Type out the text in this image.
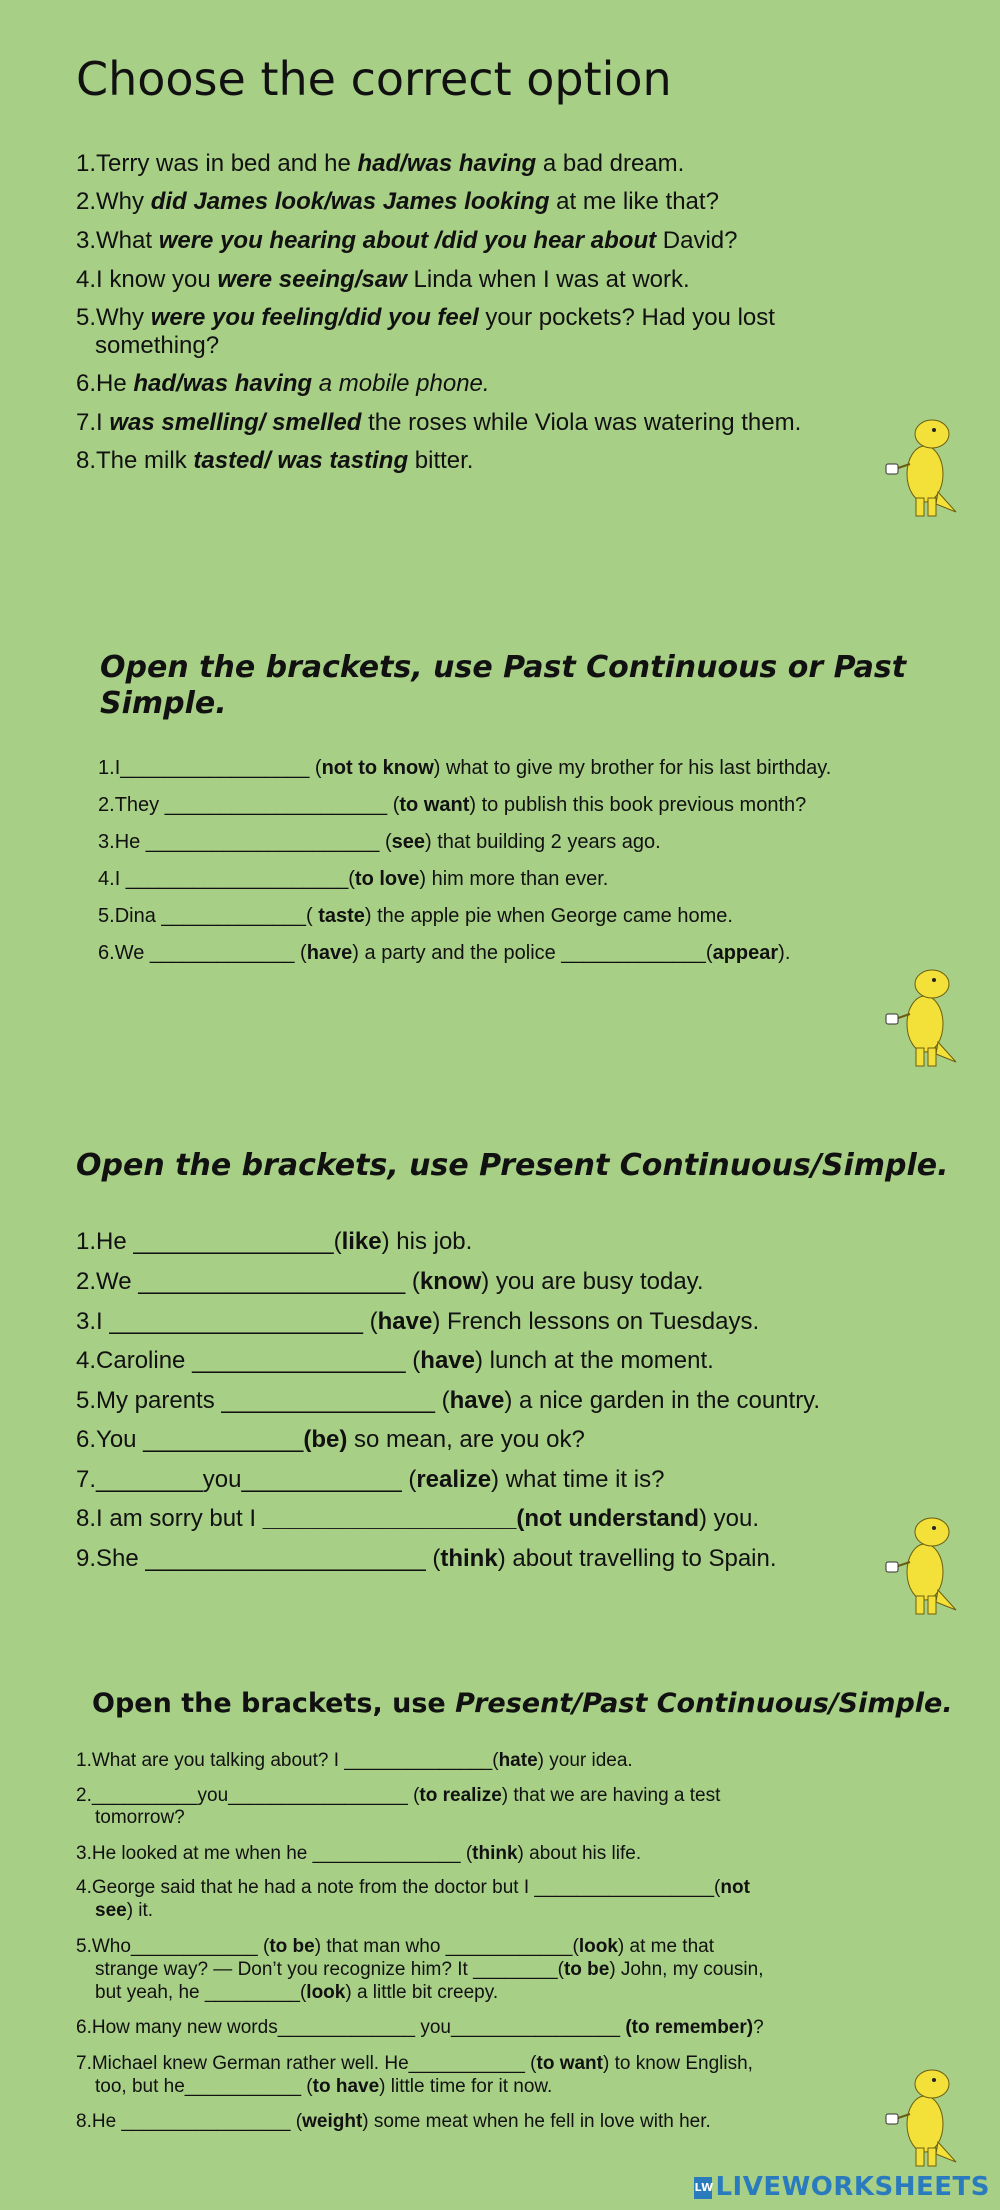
Choose the correct option
1.Terry was in bed and he had/was having a bad dream.
2.Why did James look/was James looking at me like that?
3.What were you hearing about /did you hear about David?
4.I know you were seeing/saw Linda when I was at work.
5.Why were you feeling/did you feel your pockets? Had you lost
something?
6.He had/was having a mobile phone.
7.I was smelling/ smelled the roses while Viola was watering them.
8.The milk tasted/ was tasting bitter.
Open the brackets, use Past Continuous or Past
Simple.
1.I_________________ (not to know) what to give my brother for his last birthday.
2.They ____________________ (to want) to publish this book previous month?
3.He _____________________ (see) that building 2 years ago.
4.I ____________________(to love) him more than ever.
5.Dina _____________( taste) the apple pie when George came home.
6.We _____________ (have) a party and the police _____________(appear).
Open the brackets, use Present Continuous/Simple.
1.He _______________(like) his job.
2.We ____________________ (know) you are busy today.
3.I ___________________ (have) French lessons on Tuesdays.
4.Caroline ________________ (have) lunch at the moment.
5.My parents ________________ (have) a nice garden in the country.
6.You ____________(be) so mean, are you ok?
7.________you____________ (realize) what time it is?
8.I am sorry but I ___________________(not understand) you.
9.She _____________________ (think) about travelling to Spain.
Open the brackets, use Present/Past Continuous/Simple.
1.What are you talking about? I ______________(hate) your idea.
2.__________you_________________ (to realize) that we are having a test
tomorrow?
3.He looked at me when he ______________ (think) about his life.
4.George said that he had a note from the doctor but I _________________(not
see) it.
5.Who____________ (to be) that man who ____________(look) at me that
strange way? — Don’t you recognize him? It ________(to be) John, my cousin,
but yeah, he _________(look) a little bit creepy.
6.How many new words_____________ you________________ (to remember)?
7.Michael knew German rather well. He___________ (to want) to know English,
too, but he___________ (to have) little time for it now.
8.He ________________ (weight) some meat when he fell in love with her.
LWLIVEWORKSHEETS
